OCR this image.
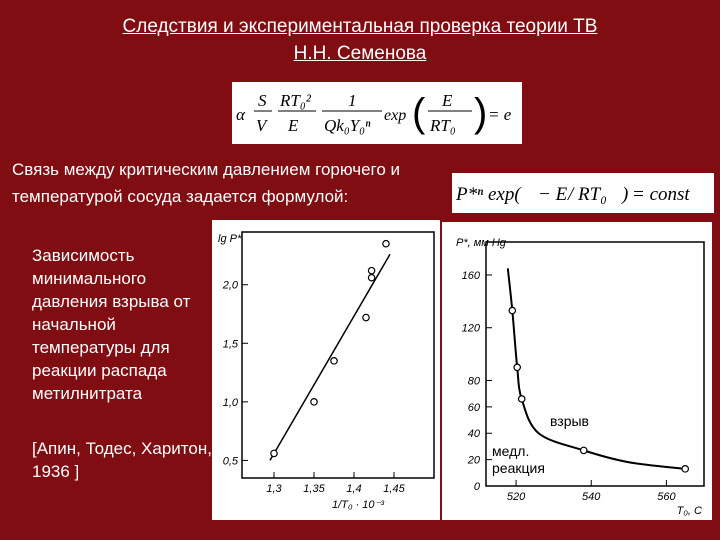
Следствия и экспериментальная проверка теории ТВ
Н.Н. Семенова
α
S
V
RT₀²
E
1
Qk₀Y₀ⁿ
exp ( E
RT₀ ) = e
Связь между критическим давлением горючего и
температурой сосуда задается формулой:	P*ⁿ exp( − E / RT₀ ) = const
Зависимость минимального давления взрыва от начальной температуры для реакции распада метилнитрата
[Апин, Тодес, Харитон, 1936 ]
0,5
1,0
1,5
2,0
1,3 1,35 1,4 1,45
lg P*
1/T₀ · 10⁻³
0
20
40
60
80
120
160
520	540	560
P*, мм Hg
T₀, C
взрыв
медл. реакция
